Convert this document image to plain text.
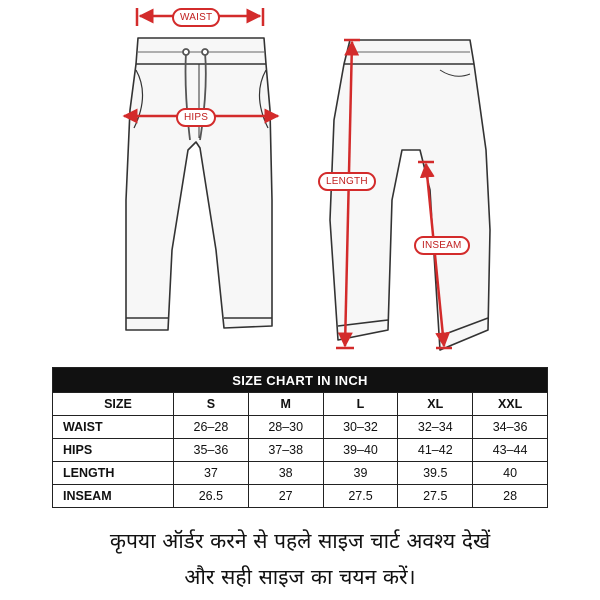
WAIST
HIPS
LENGTH
INSEAM
SIZE CHART IN INCH					
SIZE	S	M	L	XL	XXL
WAIST	26–28	28–30	30–32	32–34	34–36
HIPS	35–36	37–38	39–40	41–42	43–44
LENGTH	37	38	39	39.5	40
INSEAM	26.5	27	27.5	27.5	28
कृपया ऑर्डर करने से पहले साइज चार्ट अवश्य देखें
और सही साइज का चयन करें।
